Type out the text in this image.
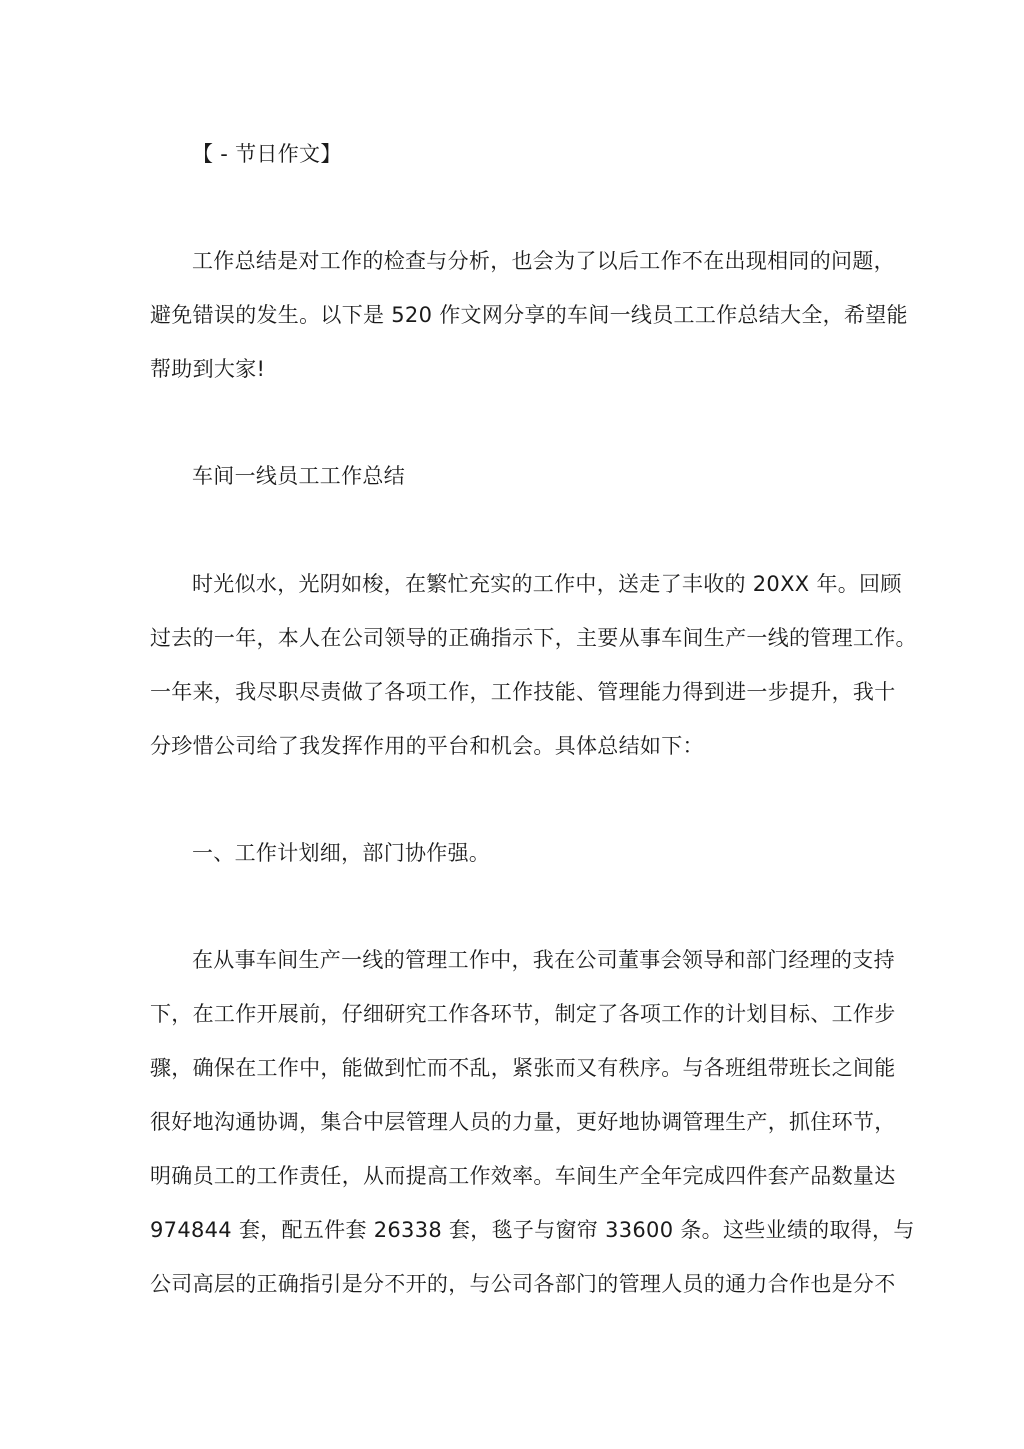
【 - 节日作文】

工作总结是对工作的检查与分析，也会为了以后工作不在出现相同的问题，
避免错误的发生。以下是 520 作文网分享的车间一线员工工作总结大全，希望能
帮助到大家!

车间一线员工工作总结

时光似水，光阴如梭，在繁忙充实的工作中，送走了丰收的 20XX 年。回顾
过去的一年，本人在公司领导的正确指示下，主要从事车间生产一线的管理工作。
一年来，我尽职尽责做了各项工作，工作技能、管理能力得到进一步提升，我十
分珍惜公司给了我发挥作用的平台和机会。具体总结如下：

一、工作计划细，部门协作强。

在从事车间生产一线的管理工作中，我在公司董事会领导和部门经理的支持
下，在工作开展前，仔细研究工作各环节，制定了各项工作的计划目标、工作步
骤，确保在工作中，能做到忙而不乱，紧张而又有秩序。与各班组带班长之间能
很好地沟通协调，集合中层管理人员的力量，更好地协调管理生产，抓住环节，
明确员工的工作责任，从而提高工作效率。车间生产全年完成四件套产品数量达
974844 套，配五件套 26338 套，毯子与窗帘 33600 条。这些业绩的取得，与
公司高层的正确指引是分不开的，与公司各部门的管理人员的通力合作也是分不
